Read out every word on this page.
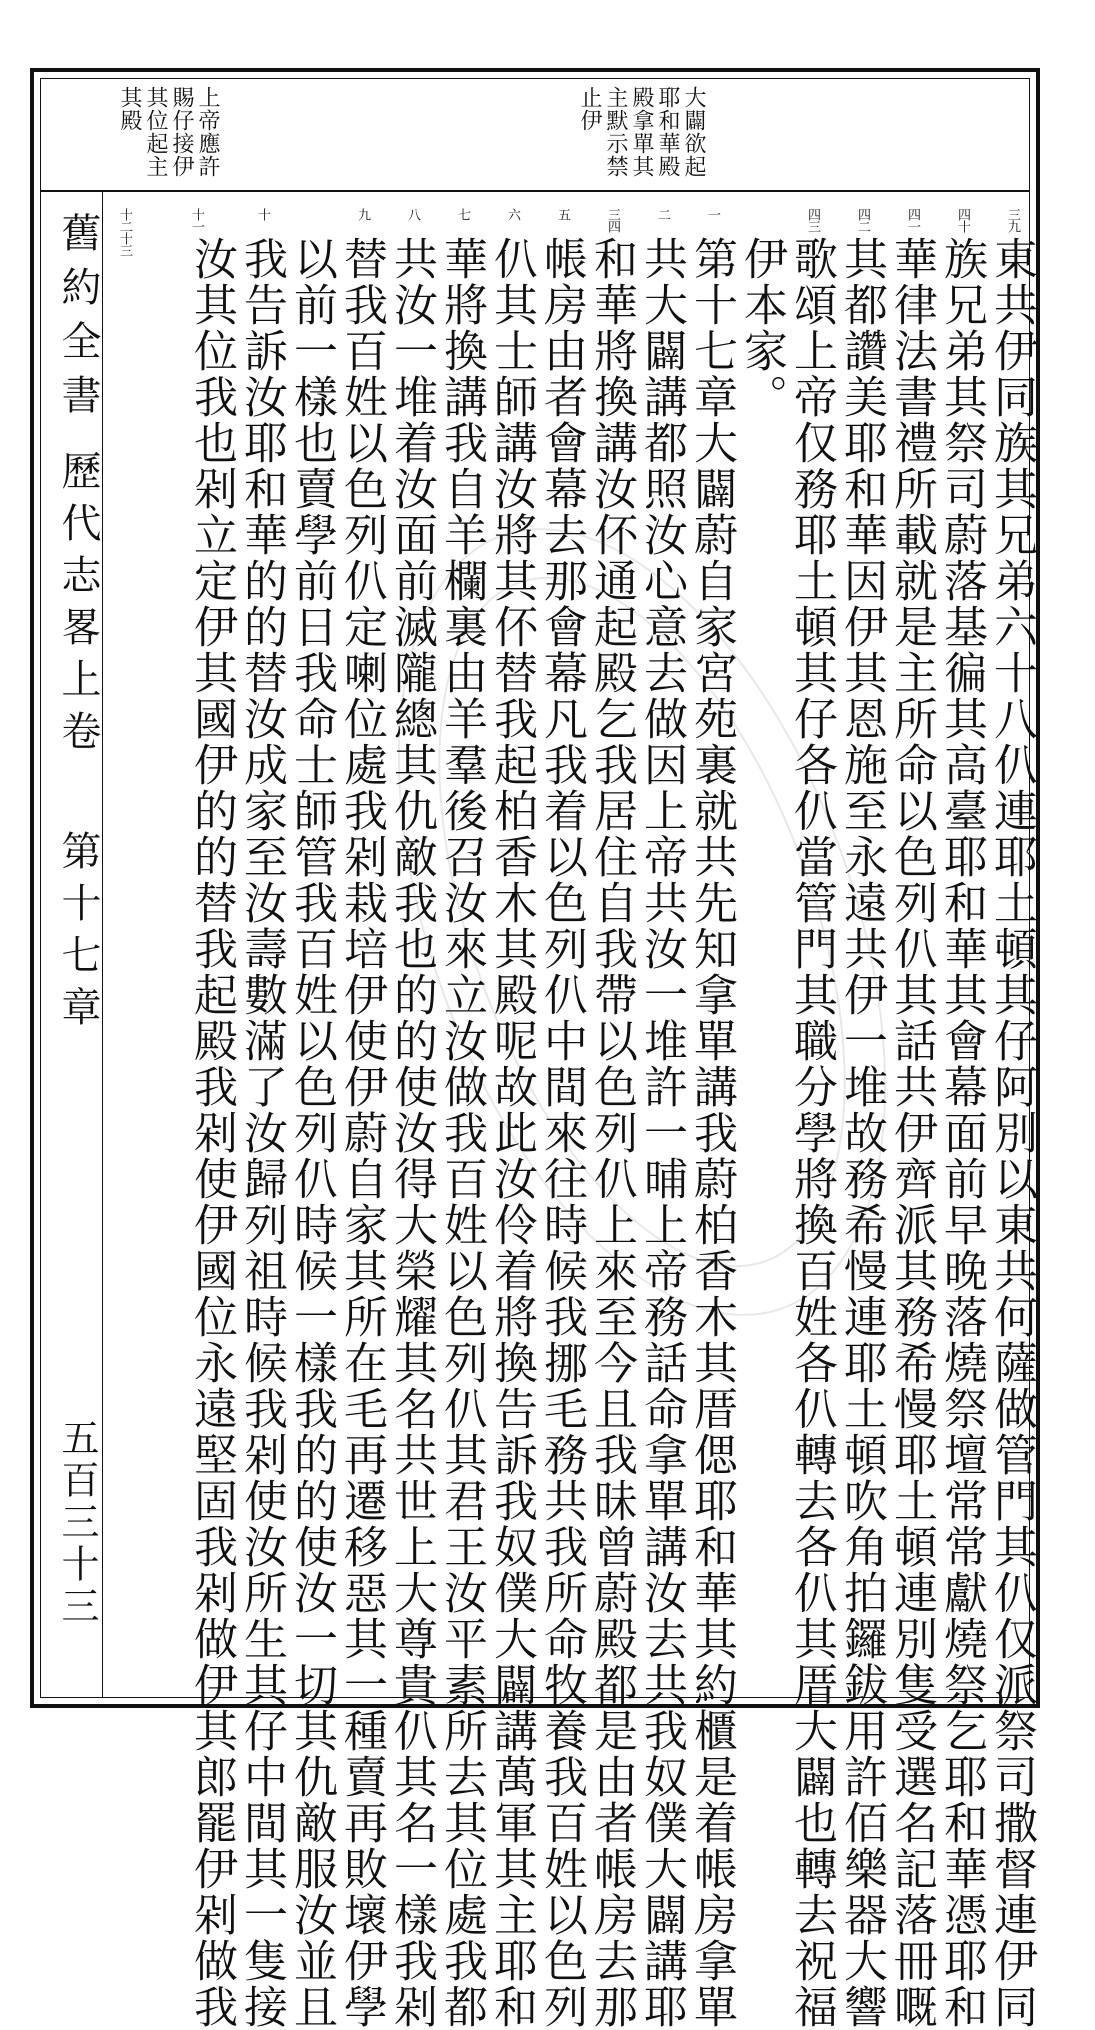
大闢欲起
耶和華殿
殿拿單其
主默示禁
止伊
上帝應許
賜仔接伊
其位起主
其殿
舊約全書
歷代志畧上卷
第十七章
五百三十三
三九
四十
四一
四二
四三
一
二
三四
五
六
七
八
九
十
十一
十二十三
東共伊同族其兄弟六十八仈連耶土頓其仔阿別以東共何薩做管門其仈仅派祭司撒督連伊同
族兄弟其祭司蔚落基徧其高臺耶和華其會幕面前早晚落燒祭壇常常獻燒祭乞耶和華憑耶和
華律法書禮所載就是主所命以色列仈其話共伊齊派其務希慢耶土頓連別隻受選名記落冊嘅
其都讚美耶和華因伊其恩施至永遠共伊一堆故務希慢連耶土頓吹角拍鑼鈸用許佰樂器大響
歌頌上帝仅務耶土頓其仔各仈當管門其職分學將換百姓各仈轉去各仈其厝大闢也轉去祝福
伊本家。
第十七章大闢蔚自家宮苑裏就共先知拿單講我蔚柏香木其厝偲耶和華其約櫃是着帳房拿單
共大闢講都照汝心意去做因上帝共汝一堆許一晡上帝務話命拿單講汝去共我奴僕大闢講耶
和華將換講汝伓通起殿乞我居住自我帶以色列仈上來至今且我昧曾蔚殿都是由者帳房去那
帳房由者會幕去那會幕凡我着以色列仈中間來往時候我挪毛務共我所命牧養我百姓以色列
仈其士師講汝將其伓替我起柏香木其殿呢故此汝伶着將換告訴我奴僕大闢講萬軍其主耶和
華將換講我自羊欄裏由羊羣後召汝來立汝做我百姓以色列仈其君王汝平素所去其位處我都
共汝一堆着汝面前滅隴總其仇敵我也的的使汝得大榮耀其名共世上大尊貴仈其名一樣我剁
替我百姓以色列仈定喇位處我剁栽培伊使伊蔚自家其所在毛再遷移惡其一種賣再敗壞伊學
以前一樣也賣學前日我命士師管我百姓以色列仈時候一樣我的的使汝一切其仇敵服汝並且
我告訴汝耶和華的的替汝成家至汝壽數滿了汝歸列祖時候我剁使汝所生其仔中間其一隻接
汝其位我也剁立定伊其國伊的的替我起殿我剁使伊國位永遠堅固我剁做伊其郎罷伊剁做我
